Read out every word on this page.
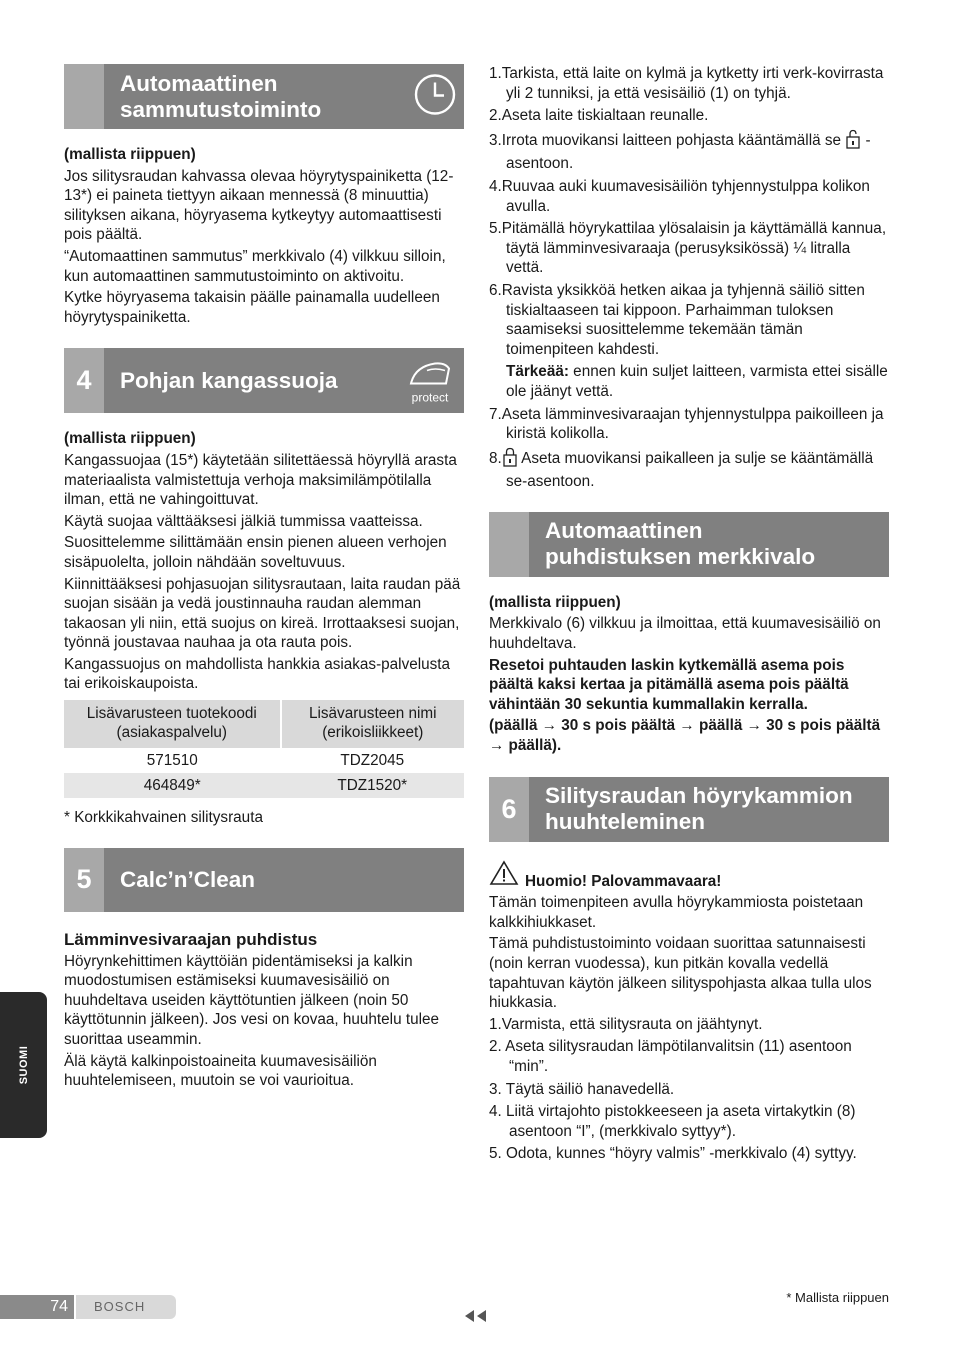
Automaattinen
sammutustoiminto

(mallista riippuen)

Jos silitysraudan kahvassa olevaa höyrytyspainiketta (12-13*) ei paineta tiettyyn aikaan mennessä (8 minuuttia) silityksen aikana, höyryasema kytkeytyy automaattisesti pois päältä.

“Automaattinen sammutus” merkkivalo (4) vilkkuu silloin, kun automaattinen sammutustoiminto on aktivoitu.

Kytke höyryasema takaisin päälle painamalla uudelleen höyrytyspainiketta.

4	Pohjan kangassuoja
protect

(mallista riippuen)

Kangassuojaa (15*) käytetään silitettäessä höyryllä arasta materiaalista valmistettuja verhoja maksimilämpötilalla ilman, että ne vahingoittuvat.

Käytä suojaa välttääksesi jälkiä tummissa vaatteissa.

Suosittelemme silittämään ensin pienen alueen verhojen sisäpuolelta, jolloin nähdään soveltuvuus.

Kiinnittääksesi pohjasuojan silitysrautaan, laita raudan pää suojan sisään ja vedä joustinnauha raudan alemman takaosan yli niin, että suojus on kireä. Irrottaaksesi suojan, työnnä joustavaa nauhaa ja ota rauta pois.

Kangassuojus on mahdollista hankkia asiakas-palvelusta tai erikoiskaupoista.

Lisävarusteen tuotekoodi (asiakaspalvelu)	Lisävarusteen nimi (erikoisliikkeet)
571510	TDZ2045
464849*	TDZ1520*

* Korkkikahvainen silitysrauta

5	Calc’n’Clean

Lämminvesivaraajan puhdistus

Höyrynkehittimen käyttöiän pidentämiseksi ja kalkin muodostumisen estämiseksi kuumavesisäiliö on huuhdeltava useiden käyttötuntien jälkeen (noin 50 käyttötunnin jälkeen). Jos vesi on kovaa, huuhtelu tulee suorittaa useammin.

Älä käytä kalkinpoistoaineita kuumavesisäiliön huuhtelemiseen, muutoin se voi vaurioitua.

1.Tarkista, että laite on kylmä ja kytketty irti verk-kovirrasta yli 2 tunniksi, ja että vesisäiliö (1) on tyhjä.
2.Aseta laite tiskialtaan reunalle.
3.Irrota muovikansi laitteen pohjasta kääntämällä se  -asentoon.
4.Ruuvaa auki kuumavesisäiliön tyhjennystulppa kolikon avulla.
5.Pitämällä höyrykattilaa ylösalaisin ja käyttämällä kannua, täytä lämminvesivaraaja (perusyksikössä) ¼ litralla vettä.
6.Ravista yksikköä hetken aikaa ja tyhjennä säiliö sitten tiskialtaaseen tai kippoon. Parhaimman tuloksen saamiseksi suosittelemme tekemään tämän toimenpiteen kahdesti.
Tärkeää: ennen kuin suljet laitteen, varmista ettei sisälle ole jäänyt vettä.
7.Aseta lämminvesivaraajan tyhjennystulppa paikoilleen ja kiristä kolikolla.
8. Aseta muovikansi paikalleen ja sulje se kääntämällä se-asentoon.
Automaattinen
puhdistuksen merkkivalo

(mallista riippuen)

Merkkivalo (6) vilkkuu ja ilmoittaa, että kuumavesisäiliö on huuhdeltava.

Resetoi puhtauden laskin kytkemällä asema pois päältä kaksi kertaa ja pitämällä asema pois päältä vähintään 30 sekuntia kummallakin kerralla.

(päällä → 30 s pois päältä → päällä → 30 s pois päältä → päällä).

6	Silitysraudan höyrykammion
huuhteleminen

Huomio! Palovammavaara!

Tämän toimenpiteen avulla höyrykammiosta poistetaan kalkkihiukkaset.

Tämä puhdistustoiminto voidaan suorittaa satunnaisesti (noin kerran vuodessa), kun pitkän kovalla vedellä tapahtuvan käytön jälkeen silityspohjasta alkaa tulla ulos hiukkasia.

1.Varmista, että silitysrauta on jäähtynyt.
2. Aseta silitysraudan lämpötilanvalitsin (11) asentoon “min”.
3. Täytä säiliö hanavedellä.
4. Liitä virtajohto pistokkeeseen ja aseta virtakytkin (8) asentoon “I”, (merkkivalo syttyy*).
5. Odota, kunnes “höyry valmis” -merkkivalo (4) syttyy.
SUOMI
74	BOSCH
* Mallista riippuen
